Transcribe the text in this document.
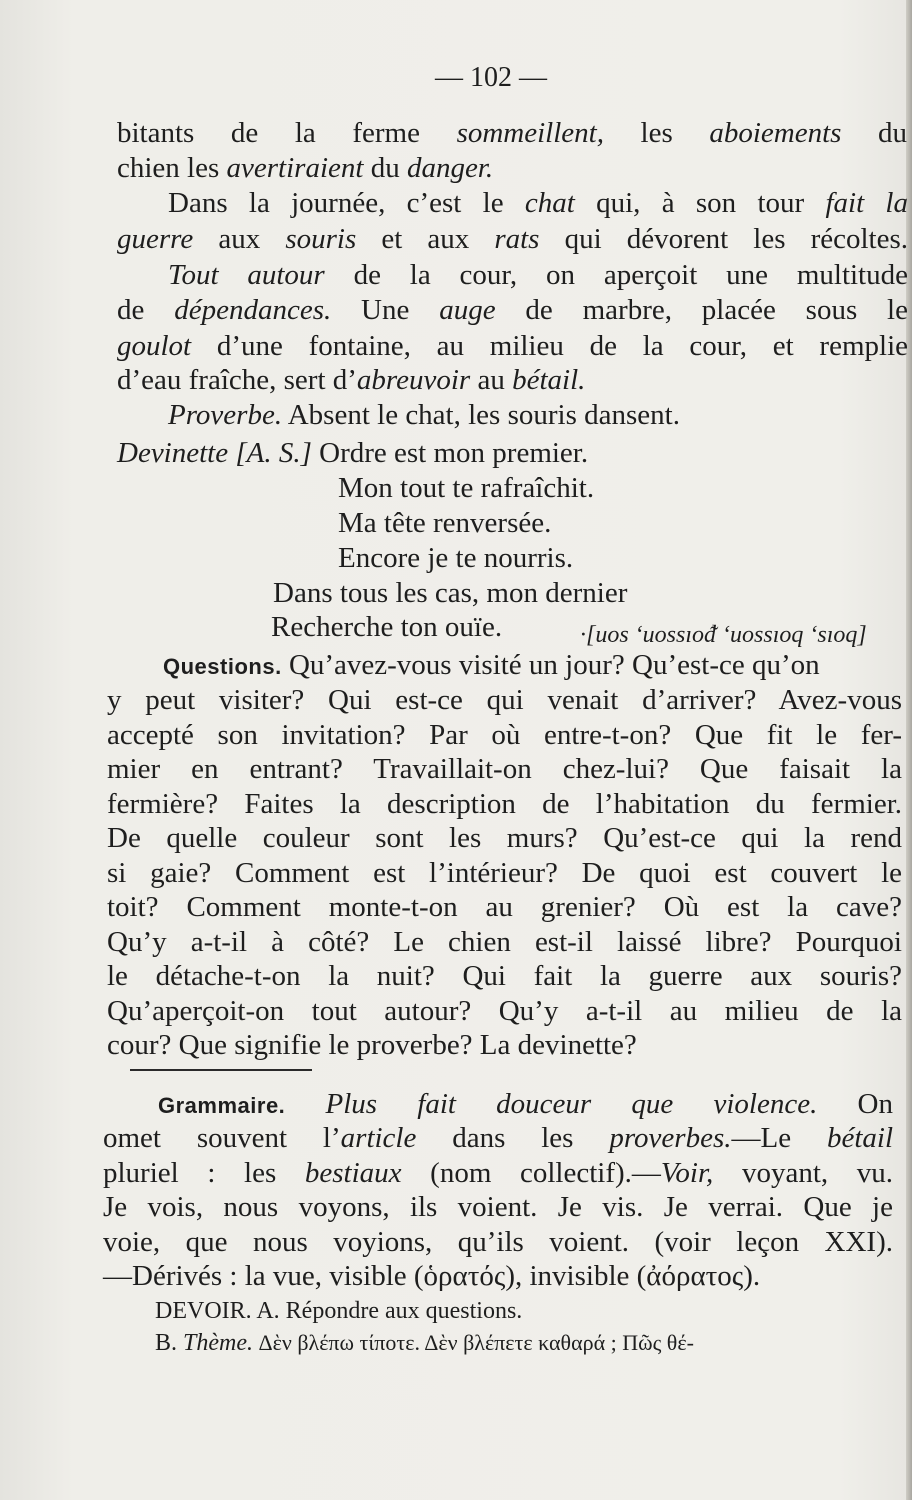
— 102 —
bitants de la ferme sommeillent, les aboiements du
chien les avertiraient du danger.
Dans la journée, c’est le chat qui, à son tour fait la
guerre aux souris et aux rats qui dévorent les récoltes.
Tout autour de la cour, on aperçoit une multitude
de dépendances. Une auge de marbre, placée sous le
goulot d’une fontaine, au milieu de la cour, et remplie
d’eau fraîche, sert d’abreuvoir au bétail.
Proverbe. Absent le chat, les souris dansent.
Devinette [A. S.] Ordre est mon premier.
Mon tout te rafraîchit.
Ma tête renversée.
Encore je te nourris.
Dans tous les cas, mon dernier
Recherche ton ouïe.	·[uos ‘uossıoᵭ ‘uossıoq ‘sıoq]
Questions. Qu’avez-vous visité un jour? Qu’est-ce qu’on
y peut visiter? Qui est-ce qui venait d’arriver? Avez-vous
accepté son invitation? Par où entre-t-on? Que fit le fer-
mier en entrant? Travaillait-on chez-lui? Que faisait la
fermière? Faites la description de l’habitation du fermier.
De quelle couleur sont les murs? Qu’est-ce qui la rend
si gaie? Comment est l’intérieur? De quoi est couvert le
toit? Comment monte-t-on au grenier? Où est la cave?
Qu’y a-t-il à côté? Le chien est-il laissé libre? Pourquoi
le détache-t-on la nuit? Qui fait la guerre aux souris?
Qu’aperçoit-on tout autour? Qu’y a-t-il au milieu de la
cour? Que signifie le proverbe? La devinette?
Grammaire. Plus fait douceur que violence. On
omet souvent l’article dans les proverbes.—Le bétail
pluriel : les bestiaux (nom collectif).—Voir, voyant, vu.
Je vois, nous voyons, ils voient. Je vis. Je verrai. Que je
voie, que nous voyions, qu’ils voient. (voir leçon XXI).
—Dérivés : la vue, visible (ὁρατός), invisible (ἀόρατος).
DEVOIR. A. Répondre aux questions.
B. Thème. Δὲν βλέπω τίποτε. Δὲν βλέπετε καθαρά ; Πῶς θέ-
